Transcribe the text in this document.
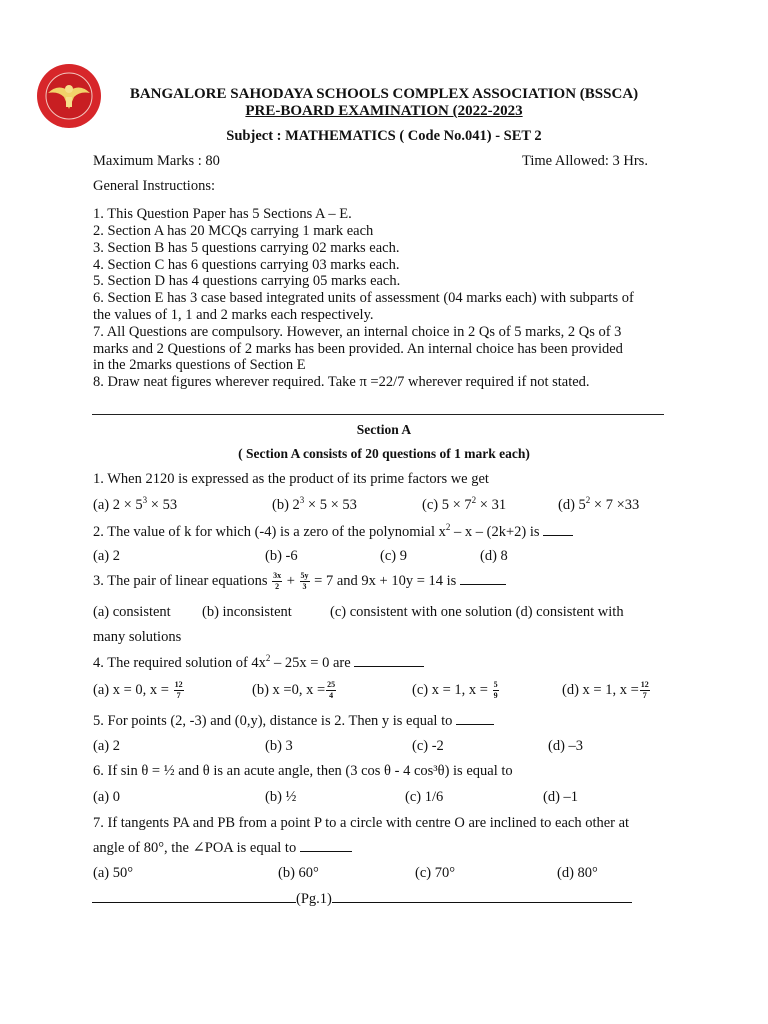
BANGALORE SAHODAYA SCHOOLS COMPLEX ASSOCIATION (BSSCA)
PRE-BOARD EXAMINATION (2022-2023
Subject : MATHEMATICS ( Code No.041) - SET 2
Maximum Marks : 80	Time Allowed: 3 Hrs.
General Instructions:
1. This Question Paper has 5 Sections A – E.
2. Section A has 20 MCQs carrying 1 mark each
3. Section B has 5 questions carrying 02 marks each.
4. Section C has 6 questions carrying 03 marks each.
5. Section D has 4 questions carrying 05 marks each.
6. Section E has 3 case based integrated units of assessment (04 marks each) with subparts of
the values of 1, 1 and 2 marks each respectively.
7. All Questions are compulsory. However, an internal choice in 2 Qs of 5 marks, 2 Qs of 3
marks and 2 Questions of 2 marks has been provided. An internal choice has been provided
in the 2marks questions of Section E
8. Draw neat figures wherever required. Take π =22/7 wherever required if not stated.
Section A
( Section A consists of 20 questions of 1 mark each)
1. When 2120 is expressed as the product of its prime factors we get
(a) $2 \times 5^3 \times 53$	(b) $2^3 \times 5 \times 53$	(c) $5 \times 7^2 \times 31$	(d) $5^2 \times 7 \times 33$
2. The value of k for which (-4) is a zero of the polynomial $x^2 - x - (2k+2)$ is
(a) 2	(b) -6	(c) 9	(d) 8
3. The pair of linear equations $\frac{3x}{2} + \frac{5y}{3} = 7$ and 9x + 10y = 14 is
(a) consistent (b) inconsistent	(c) consistent with one solution (d) consistent with
many solutions
4. The required solution of $4x^2 - 25x = 0$ are
(a) x = 0, $x = \frac{12}{7}$	(b) x =0, $x = \frac{25}{4}$	(c) x = 1, $x = \frac{5}{9}$	(d) x = 1, $x = \frac{12}{7}$
5. For points (2, -3) and (0,y), distance is 2. Then y is equal to
(a) 2	(b) 3	(c) -2	(d) –3
6. If sin θ = ½ and θ is an acute angle, then (3 cos θ - 4 cos³θ) is equal to
(a) 0	(b) ½	(c) 1/6	(d) –1
7. If tangents PA and PB from a point P to a circle with centre O are inclined to each other at
angle of 80°, the ∠POA is equal to
(a) 50°	(b) 60°	(c) 70°	(d) 80°
(Pg.1)
